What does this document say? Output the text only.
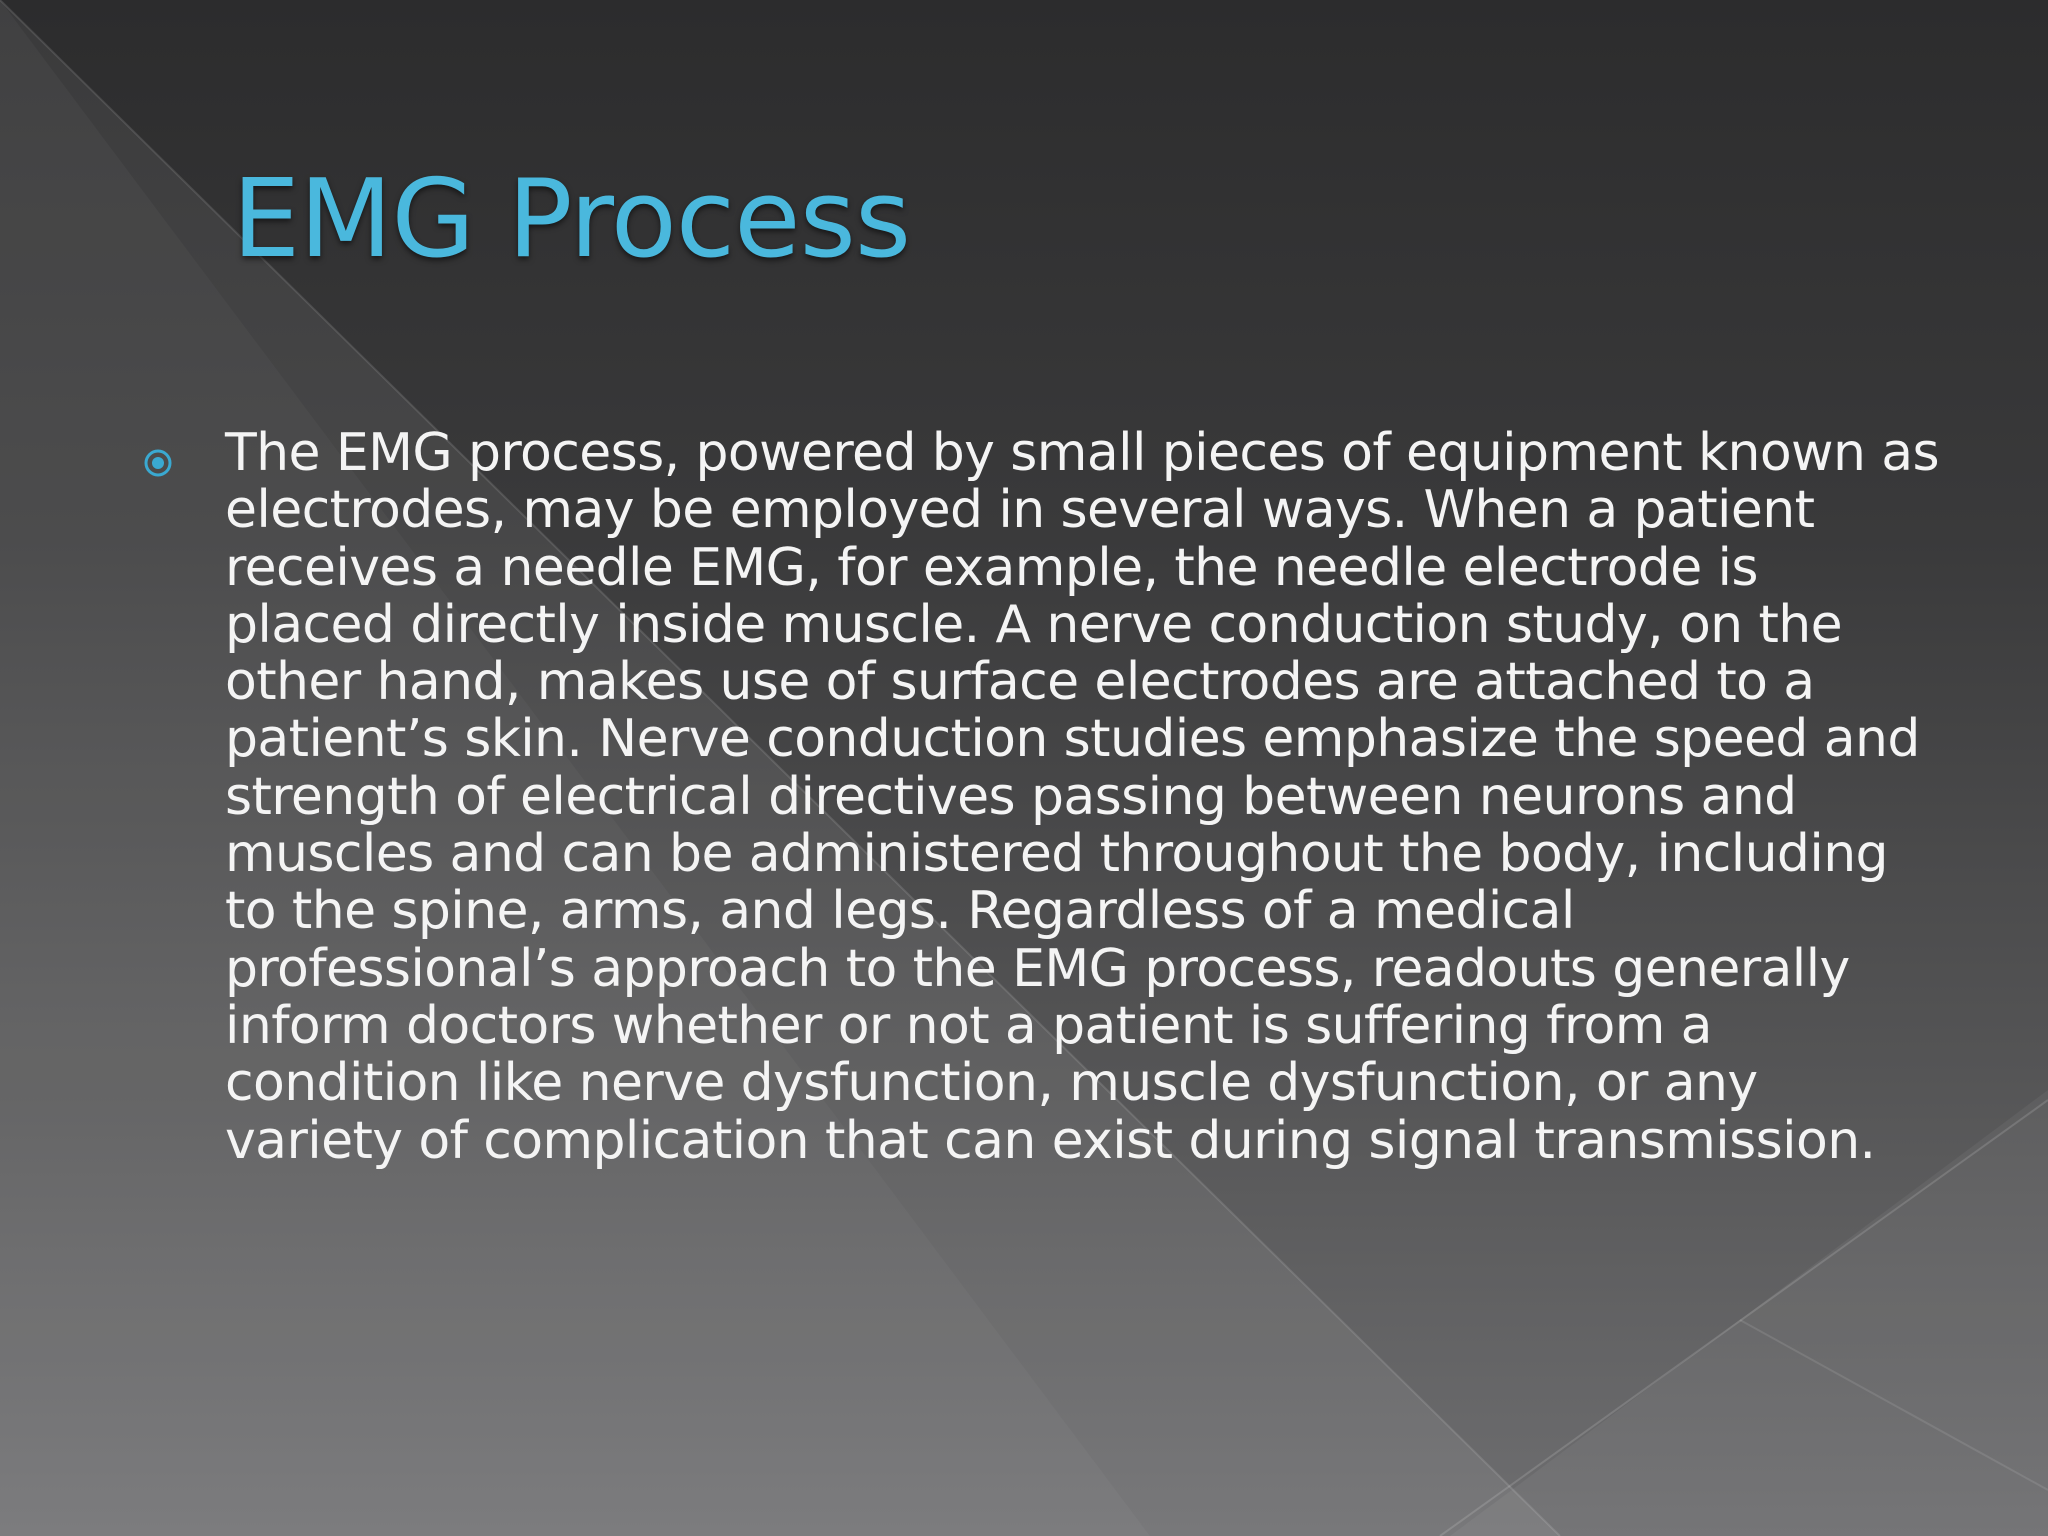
EMG Process

The EMG process, powered by small pieces of equipment known as electrodes, may be employed in several ways. When a patient receives a needle EMG, for example, the needle electrode is placed directly inside muscle. A nerve conduction study, on the other hand, makes use of surface electrodes are attached to a patient’s skin. Nerve conduction studies emphasize the speed and strength of electrical directives passing between neurons and muscles and can be administered throughout the body, including to the spine, arms, and legs. Regardless of a medical professional’s approach to the EMG process, readouts generally inform doctors whether or not a patient is suffering from a condition like nerve dysfunction, muscle dysfunction, or any variety of complication that can exist during signal transmission.
